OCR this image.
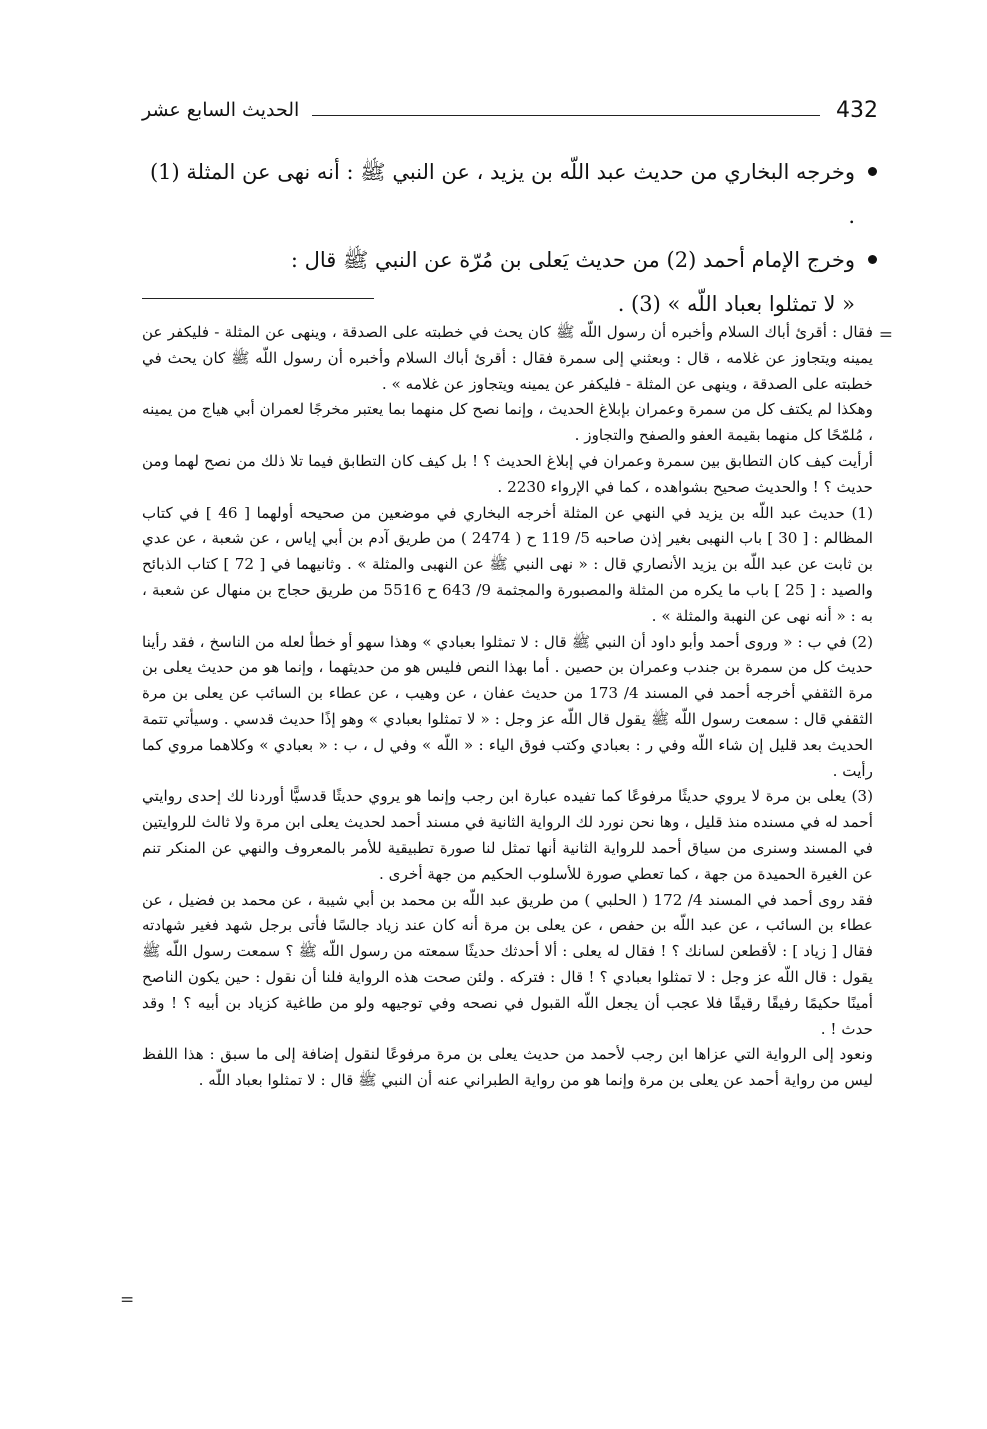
432
الحديث السابع عشر

وخرجه البخاري من حديث عبد اللّه بن يزيد ، عن النبي ﷺ : أنه نهى عن المثلة (1) .

وخرج الإمام أحمد (2) من حديث يَعلى بن مُرّة عن النبي ﷺ قال :

« لا تمثلوا بعباد اللّه » (3) .

=

فقال : أقرئ أباك السلام وأخبره أن رسول اللّه ﷺ كان يحث في خطبته على الصدقة ، وينهى عن المثلة - فليكفر عن يمينه ويتجاوز عن غلامه ، قال : وبعثني إلى سمرة فقال : أقرئ أباك السلام وأخبره أن رسول اللّه ﷺ كان يحث في خطبته على الصدقة ، وينهى عن المثلة - فليكفر عن يمينه ويتجاوز عن غلامه » .

وهكذا لم يكتف كل من سمرة وعمران بإبلاغ الحديث ، وإنما نصح كل منهما بما يعتبر مخرجًا لعمران أبي هياج من يمينه ، مُلمّحًا كل منهما بقيمة العفو والصفح والتجاوز .

أرأيت كيف كان التطابق بين سمرة وعمران في إبلاغ الحديث ؟ ! بل كيف كان التطابق فيما تلا ذلك من نصح لهما ومن حديث ؟ ! والحديث صحيح بشواهده ، كما في الإرواء 2230 .

(1) حديث عبد اللّه بن يزيد في النهي عن المثلة أخرجه البخاري في موضعين من صحيحه أولهما [ 46 ] في كتاب المظالم : [ 30 ] باب النهبى بغير إذن صاحبه 5/ 119 ح ( 2474 ) من طريق آدم بن أبي إياس ، عن شعبة ، عن عدي بن ثابت عن عبد اللّه بن يزيد الأنصاري قال : « نهى النبي ﷺ عن النهبى والمثلة » . وثانيهما في [ 72 ] كتاب الذبائح والصيد : [ 25 ] باب ما يكره من المثلة والمصبورة والمجثمة 9/ 643 ح 5516 من طريق حجاج بن منهال عن شعبة ، به : « أنه نهى عن النهبة والمثلة » .

(2) في ب : « وروى أحمد وأبو داود أن النبي ﷺ قال : لا تمثلوا بعبادي » وهذا سهو أو خطأ لعله من الناسخ ، فقد رأينا حديث كل من سمرة بن جندب وعمران بن حصين . أما بهذا النص فليس هو من حديثهما ، وإنما هو من حديث يعلى بن مرة الثقفي أخرجه أحمد في المسند 4/ 173 من حديث عفان ، عن وهيب ، عن عطاء بن السائب عن يعلى بن مرة الثقفي قال : سمعت رسول اللّه ﷺ يقول قال اللّه عز وجل : « لا تمثلوا بعبادي » وهو إذًا حديث قدسي . وسيأتي تتمة الحديث بعد قليل إن شاء اللّه وفي ر : بعبادي وكتب فوق الياء : « اللّه » وفي ل ، ب : « بعبادي » وكلاهما مروي كما رأيت .

(3) يعلى بن مرة لا يروي حديثًا مرفوعًا كما تفيده عبارة ابن رجب وإنما هو يروي حديثًا قدسيًّا أوردنا لك إحدى روايتي أحمد له في مسنده منذ قليل ، وها نحن نورد لك الرواية الثانية في مسند أحمد لحديث يعلى ابن مرة ولا ثالث للروايتين في المسند وسنرى من سياق أحمد للرواية الثانية أنها تمثل لنا صورة تطبيقية للأمر بالمعروف والنهي عن المنكر تنم عن الغيرة الحميدة من جهة ، كما تعطي صورة للأسلوب الحكيم من جهة أخرى .

فقد روى أحمد في المسند 4/ 172 ( الحلبي ) من طريق عبد اللّه بن محمد بن أبي شيبة ، عن محمد بن فضيل ، عن عطاء بن السائب ، عن عبد اللّه بن حفص ، عن يعلى بن مرة أنه كان عند زياد جالسًا فأتى برجل شهد فغير شهادته فقال [ زياد ] : لأقطعن لسانك ؟ ! فقال له يعلى : ألا أحدثك حديثًا سمعته من رسول اللّه ﷺ ؟ سمعت رسول اللّه ﷺ يقول : قال اللّه عز وجل : لا تمثلوا بعبادي ؟ ! قال : فتركه . ولئن صحت هذه الرواية فلنا أن نقول : حين يكون الناصح أمينًا حكيمًا رفيقًا رقيقًا فلا عجب أن يجعل اللّه القبول في نصحه وفي توجيهه ولو من طاغية كزياد بن أبيه ؟ ! وقد حدث ! .

ونعود إلى الرواية التي عزاها ابن رجب لأحمد من حديث يعلى بن مرة مرفوعًا لنقول إضافة إلى ما سبق : هذا اللفظ ليس من رواية أحمد عن يعلى بن مرة وإنما هو من رواية الطبراني عنه أن النبي ﷺ قال : لا تمثلوا بعباد اللّه .

=
